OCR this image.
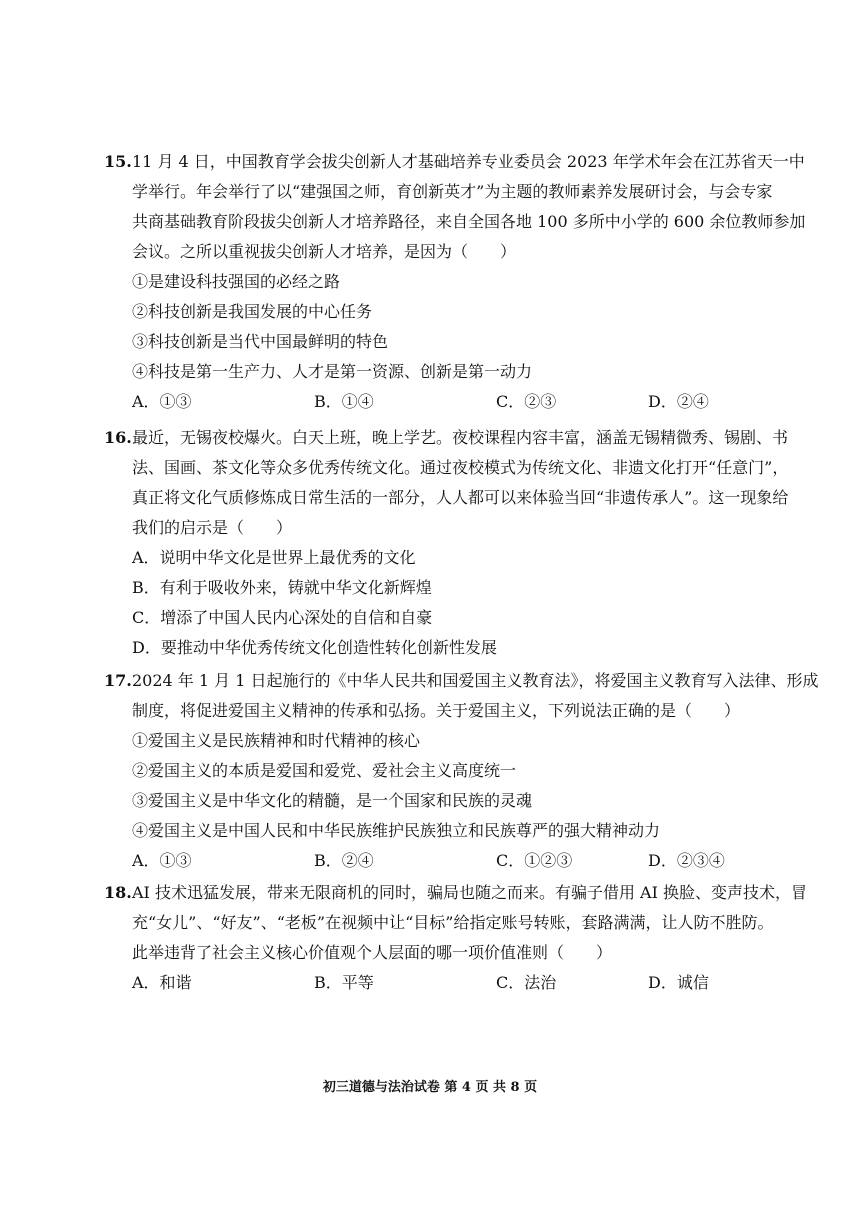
15.11 月 4 日，中国教育学会拔尖创新人才基础培养专业委员会 2023 年学术年会在江苏省天一中
学举行。年会举行了以“建强国之师，育创新英才”为主题的教师素养发展研讨会，与会专家
共商基础教育阶段拔尖创新人才培养路径，来自全国各地 100 多所中小学的 600 余位教师参加
会议。之所以重视拔尖创新人才培养，是因为（　　）
①是建设科技强国的必经之路
②科技创新是我国发展的中心任务
③科技创新是当代中国最鲜明的特色
④科技是第一生产力、人才是第一资源、创新是第一动力
A．①③	B．①④	C．②③	D．②④
16.最近，无锡夜校爆火。白天上班，晚上学艺。夜校课程内容丰富，涵盖无锡精微秀、锡剧、书
法、国画、茶文化等众多优秀传统文化。通过夜校模式为传统文化、非遗文化打开“任意门”，
真正将文化气质修炼成日常生活的一部分，人人都可以来体验当回“非遗传承人”。这一现象给
我们的启示是（　　）
A．说明中华文化是世界上最优秀的文化
B．有利于吸收外来，铸就中华文化新辉煌
C．增添了中国人民内心深处的自信和自豪
D．要推动中华优秀传统文化创造性转化创新性发展
17.2024 年 1 月 1 日起施行的《中华人民共和国爱国主义教育法》，将爱国主义教育写入法律、形成
制度，将促进爱国主义精神的传承和弘扬。关于爱国主义，下列说法正确的是（　　）
①爱国主义是民族精神和时代精神的核心
②爱国主义的本质是爱国和爱党、爱社会主义高度统一
③爱国主义是中华文化的精髓，是一个国家和民族的灵魂
④爱国主义是中国人民和中华民族维护民族独立和民族尊严的强大精神动力
A．①③	B．②④	C．①②③	D．②③④
18.AI 技术迅猛发展，带来无限商机的同时，骗局也随之而来。有骗子借用 AI 换脸、变声技术，冒
充“女儿”、“好友”、“老板”在视频中让“目标”给指定账号转账，套路满满，让人防不胜防。
此举违背了社会主义核心价值观个人层面的哪一项价值准则（　　）
A．和谐	B．平等	C．法治	D．诚信
初三道德与法治试卷 第 4 页 共 8 页
